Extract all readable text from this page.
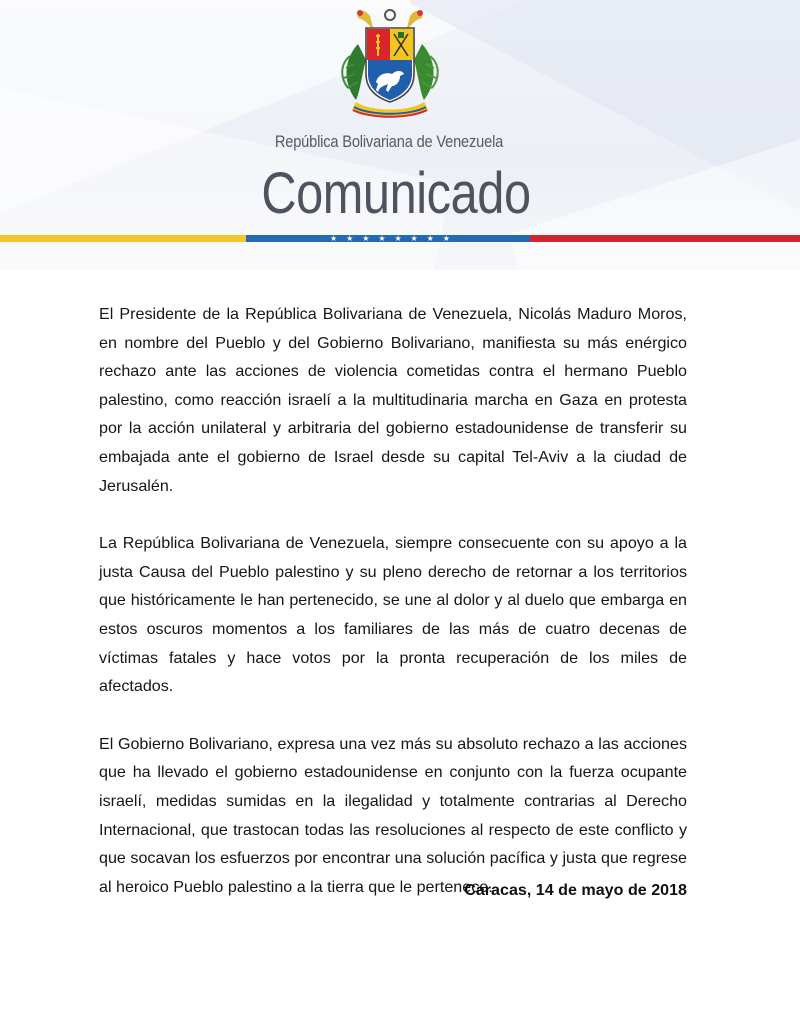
República Bolivariana de Venezuela
Comunicado
★ ★ ★ ★ ★ ★ ★ ★

El Presidente de la República Bolivariana de Venezuela, Nicolás Maduro Moros, en nombre del Pueblo y del Gobierno Bolivariano, manifiesta su más enérgico rechazo ante las acciones de violencia cometidas contra el hermano Pueblo palestino, como reacción israelí a la multitudinaria marcha en Gaza en protesta por la acción unilateral y arbitraria del gobierno estadounidense de transferir su embajada ante el gobierno de Israel desde su capital Tel-Aviv a la ciudad de Jerusalén.

La República Bolivariana de Venezuela, siempre consecuente con su apoyo a la justa Causa del Pueblo palestino y su pleno derecho de retornar a los territorios que históricamente le han pertenecido, se une al dolor y al duelo que embarga en estos oscuros momentos a los familiares de las más de cuatro decenas de víctimas fatales y hace votos por la pronta recuperación de los miles de afectados.

El Gobierno Bolivariano, expresa una vez más su absoluto rechazo a las acciones que ha llevado el gobierno estadounidense en conjunto con la fuerza ocupante israelí, medidas sumidas en la ilegalidad y totalmente contrarias al Derecho Internacional, que trastocan todas las resoluciones al respecto de este conflicto y que socavan los esfuerzos por encontrar una solución pacífica y justa que regrese al heroico Pueblo palestino a la tierra que le pertenece.

Caracas, 14 de mayo de 2018
